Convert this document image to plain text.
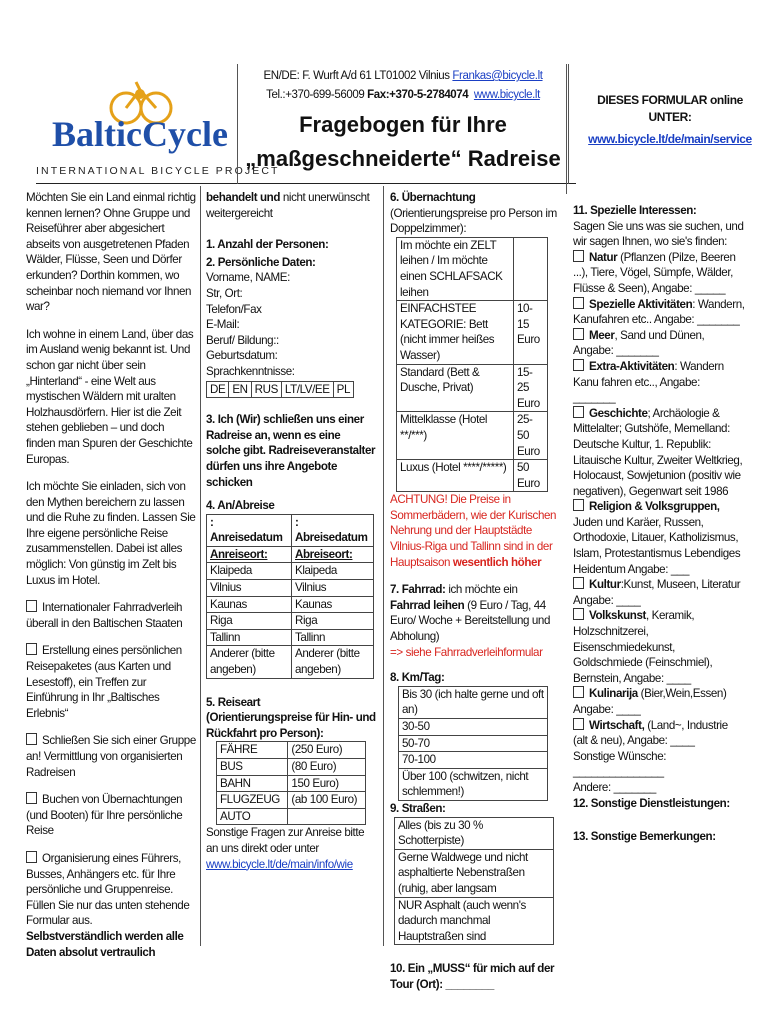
BalticCycle
INTERNATIONAL BICYCLE PROJECT
EN/DE: F. Wurft A/d 61 LT01002 Vilnius Frankas@bicycle.lt
Tel.:+370-699-56009 Fax:+370-5-2784074 www.bicycle.lt
Fragebogen für Ihre
„maßgeschneiderte“ Radreise
DIESES FORMULAR online UNTER:
www.bicycle.lt/de/main/service

Möchten Sie ein Land einmal richtig kennen lernen? Ohne Gruppe und Reiseführer aber abgesichert abseits von ausgetretenen Pfaden Wälder, Flüsse, Seen und Dörfer erkunden? Dorthin kommen, wo scheinbar noch niemand vor Ihnen war?

Ich wohne in einem Land, über das im Ausland wenig bekannt ist. Und schon gar nicht über sein „Hinterland“ - eine Welt aus mystischen Wäldern mit uralten Holzhausdörfern. Hier ist die Zeit stehen geblieben – und doch finden man Spuren der Geschichte Europas.

Ich möchte Sie einladen, sich von den Mythen bereichern zu lassen und die Ruhe zu finden. Lassen Sie Ihre eigene persönliche Reise zusammenstellen. Dabei ist alles möglich: Von günstig im Zelt bis Luxus im Hotel.

Internationaler Fahrradverleih überall in den Baltischen Staaten

Erstellung eines persönlichen Reisepaketes (aus Karten und Lesestoff), ein Treffen zur Einführung in Ihr „Baltisches Erlebnis“

Schließen Sie sich einer Gruppe an! Vermittlung von organisierten Radreisen

Buchen von Übernachtungen (und Booten) für Ihre persönliche Reise

Organisierung eines Führers, Busses, Anhängers etc. für Ihre persönliche und Gruppenreise.

Füllen Sie nur das unten stehende Formular aus.
Selbstverständlich werden alle Daten absolut vertraulich
behandelt und nicht unerwünscht weitergereicht
1. Anzahl der Personen:
2. Persönliche Daten:
Vorname, NAME:
Str, Ort:
Telefon/Fax
E-Mail:
Beruf/ Bildung::
Geburtsdatum:
Sprachkenntnisse:
DE	EN	RUS	LT/LV/EE	PL
3. Ich (Wir) schließen uns einer Radreise an, wenn es eine solche gibt. Radreiseveranstalter dürfen uns ihre Angebote schicken
4. An/Abreise
: Anreisedatum	: Abreisedatum
Anreiseort:	Abreiseort:
Klaipeda	Klaipeda
Vilnius	Vilnius
Kaunas	Kaunas
Riga	Riga
Tallinn	Tallinn
Anderer (bitte angeben)	Anderer (bitte angeben)
5. Reiseart
(Orientierungspreise für Hin- und Rückfahrt pro Person):
FÄHRE	(250 Euro)
BUS	(80 Euro)
BAHN	150 Euro)
FLUGZEUG	(ab 100 Euro)
AUTO	
Sonstige Fragen zur Anreise bitte an uns direkt oder unter
www.bicycle.lt/de/main/info/wie
6. Übernachtung
(Orientierungspreise pro Person im Doppelzimmer):
Im möchte ein ZELT leihen / Im möchte einen SCHLAFSACK leihen	
EINFACHSTEE KATEGORIE: Bett (nicht immer heißes Wasser)	10-15 Euro
Standard (Bett & Dusche, Privat)	15-25 Euro
Mittelklasse (Hotel **/***)	25-50 Euro
Luxus (Hotel ****/*****)	50 Euro
ACHTUNG! Die Preise in Sommerbädern, wie der Kurischen Nehrung und der Hauptstädte Vilnius-Riga und Tallinn sind in der Hauptsaison wesentlich höher
7. Fahrrad: ich möchte ein Fahrrad leihen (9 Euro / Tag, 44 Euro/ Woche + Bereitstellung und Abholung)
=> siehe Fahrradverleihformular
8. Km/Tag:
Bis 30 (ich halte gerne und oft an)
30-50
50-70
70-100
Über 100 (schwitzen, nicht schlemmen!)
9. Straßen:
Alles (bis zu 30 % Schotterpiste)
Gerne Waldwege und nicht asphaltierte Nebenstraßen (ruhig, aber langsam
NUR Asphalt (auch wenn's dadurch manchmal Hauptstraßen sind
10. Ein „MUSS“ für mich auf der Tour (Ort): ________
11. Spezielle Interessen:
Sagen Sie uns was sie suchen, und wir sagen Ihnen, wo sie's finden:
Natur (Pflanzen (Pilze, Beeren ...), Tiere, Vögel, Sümpfe, Wälder, Flüsse & Seen), Angabe: _____
Spezielle Aktivitäten: Wandern, Kanufahren etc.. Angabe: _______
Meer, Sand und Dünen, Angabe: _______
Extra-Aktivitäten: Wandern Kanu fahren etc.., Angabe: _______
Geschichte; Archäologie & Mittelalter; Gutshöfe, Memelland: Deutsche Kultur, 1. Republik: Litauische Kultur, Zweiter Weltkrieg, Holocaust, Sowjetunion (positiv wie negativen), Gegenwart seit 1986
Religion & Volksgruppen, Juden und Karäer, Russen, Orthodoxie, Litauer, Katholizismus, Islam, Protestantismus Lebendiges Heidentum Angabe: ___
Kultur:Kunst, Museen, Literatur Angabe: ____
Volkskunst, Keramik, Holzschnitzerei, Eisenschmiedekunst, Goldschmiede (Feinschmiel), Bernstein, Angabe: ____
Kulinarija (Bier,Wein,Essen) Angabe: ____
Wirtschaft, (Land~, Industrie (alt & neu), Angabe: ____
Sonstige Wünsche: _______________
Andere: _______
12. Sonstige Dienstleistungen:
13. Sonstige Bemerkungen:
